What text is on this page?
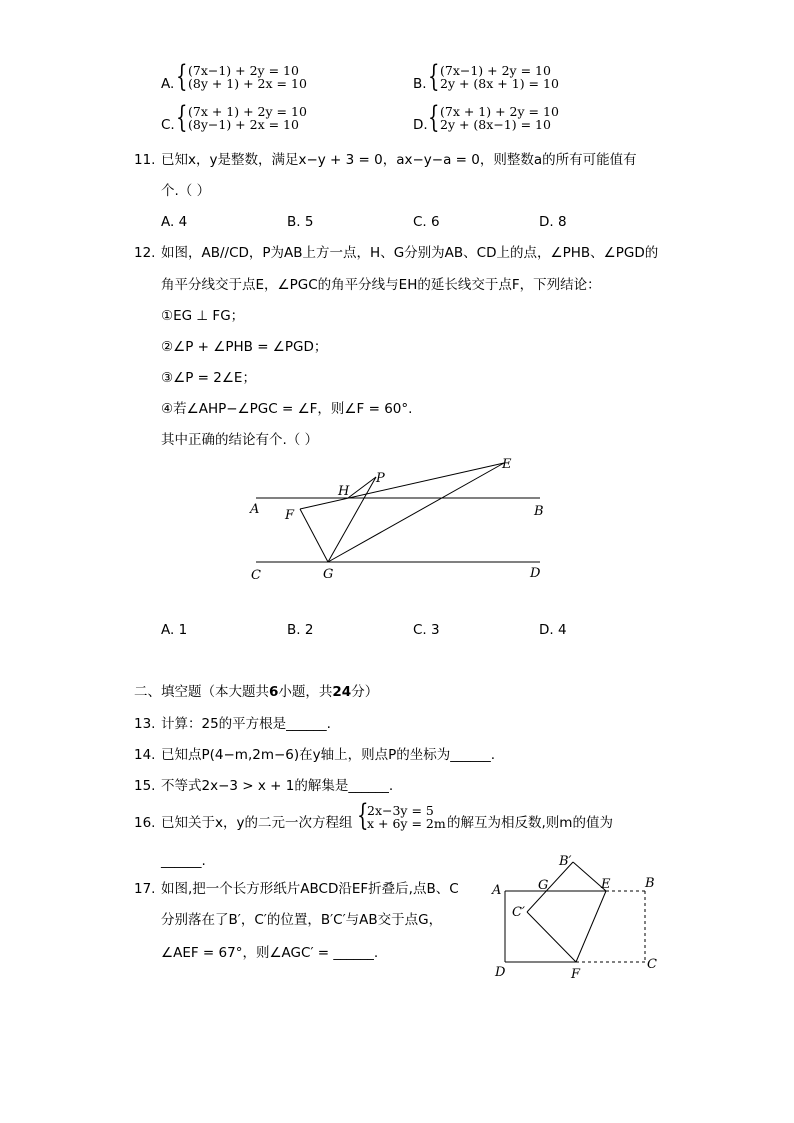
A. { (7x−1) + 2y = 10
(8y + 1) + 2x = 10	B. { (7x−1) + 2y = 10
2y + (8x + 1) = 10
C. { (7x + 1) + 2y = 10
(8y−1) + 2x = 10	D. { (7x + 1) + 2y = 10
2y + (8x−1) = 10
11. 已知x，y是整数，满足x−y + 3 = 0，ax−y−a = 0，则整数a的所有可能值有
个.（ ）
A. 4	B. 5	C. 6	D. 8
12. 如图，AB//CD，P为AB上方一点，H、G分别为AB、CD上的点，∠PHB、∠PGD的
角平分线交于点E，∠PGC的角平分线与EH的延长线交于点F，下列结论：
①EG ⊥ FG；
②∠P + ∠PHB = ∠PGD；
③∠P = 2∠E；
④若∠AHP−∠PGC = ∠F，则∠F = 60°.
其中正确的结论有个.（ ）
A	B
C	D
E
F
G
H
P
A. 1	B. 2	C. 3	D. 4
二、填空题（本大题共6小题，共24分）
13. 计算：25的平方根是______.
14. 已知点P(4−m,2m−6)在y轴上，则点P的坐标为______.
15. 不等式2x−3 > x + 1的解集是______.
16. 已知关于x，y的二元一次方程组 {
2x−3y = 5
x + 6y = 2m 的解互为相反数,则m的值为
______.
17. 如图,把一个长方形纸片ABCD沿EF折叠后,点B、C
分别落在了B′，C′的位置，B′C′与AB交于点G，
∠AEF = 67°，则∠AGC′ = ______.
A	B
C
D
E
F
G
B′
C′
